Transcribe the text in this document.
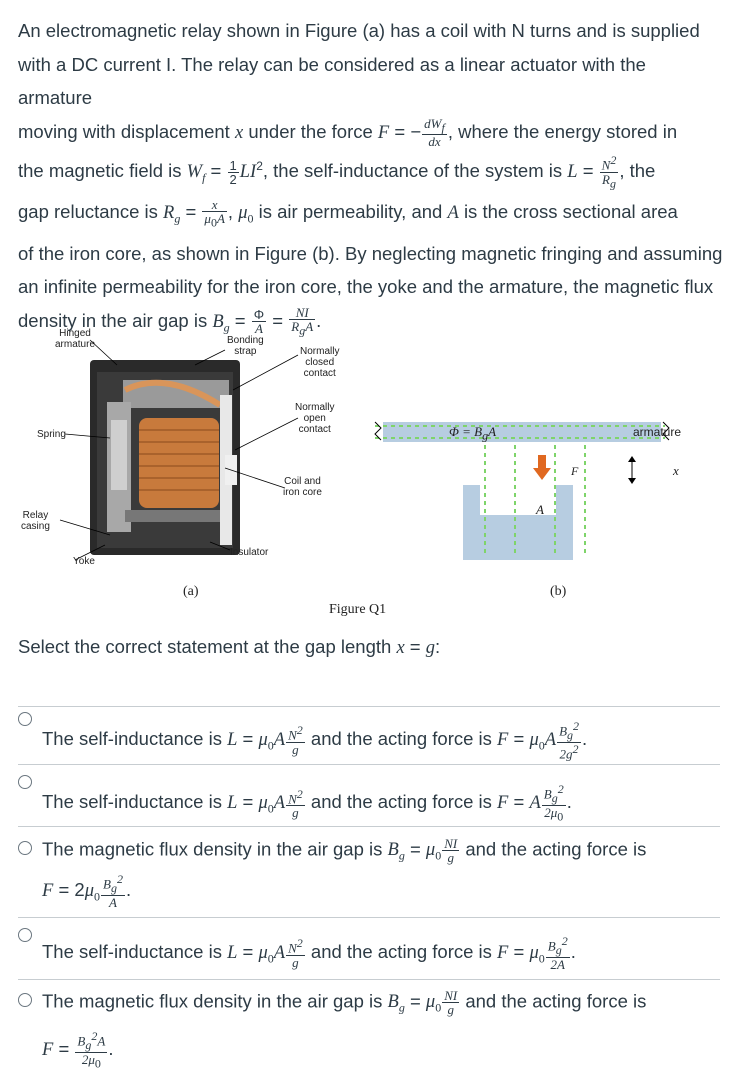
An electromagnetic relay shown in Figure (a) has a coil with N turns and is supplied

with a DC current I. The relay can be considered as a linear actuator with the armature

moving with displacement x under the force F = − $\frac{dW_f}{dx}$ , where the energy stored in

the magnetic field is $W_f = \frac{1}{2} LI^2$, the self-inductance of the system is $L = \frac{N^2}{R_g}$ , the

gap reluctance is $R_g = \frac{x}{\mu_0A}$ , $\mu_0$ is air permeability, and A is the cross sectional area

of the iron core, as shown in Figure (b). By neglecting magnetic fringing and assuming

an infinite permeability for the iron core, the yoke and the armature, the magnetic flux

density in the air gap is $B_g = \frac{\Phi}{A} = \frac{NI}{R_gA}$ .

Hinged
armature	Bonding
strap	Normally
closed
contact
Normally
open
contact
Spring
Coil and
iron core
Relay
casing
Yoke
Insulator
armature
x
F
A
$\Phi = B_gA$
(a)	(b)
Figure Q1

Select the correct statement at the gap length x = g:

The self-inductance is $L = \mu_0A \frac{N^2}{g}$ and the acting force is $F = \mu_0A \frac{B_g^2}{2g^2}$ .
The self-inductance is $L = \mu_0A \frac{N^2}{g}$ and the acting force is F = A $\frac{B_g^2}{2\mu_0}$ .
The magnetic flux density in the air gap is $B_g = \mu_0 \frac{NI}{g}$ and the acting force is
$F = 2\mu_0 \frac{B_g^2}{A}$ .
The self-inductance is $L = \mu_0A \frac{N^2}{g}$ and the acting force is $F = \mu_0 \frac{B_g^2}{2A}$ .
The magnetic flux density in the air gap is $B_g = \mu_0 \frac{NI}{g}$ and the acting force is
$F = \frac{B_g^2A}{2\mu_0}$ .
